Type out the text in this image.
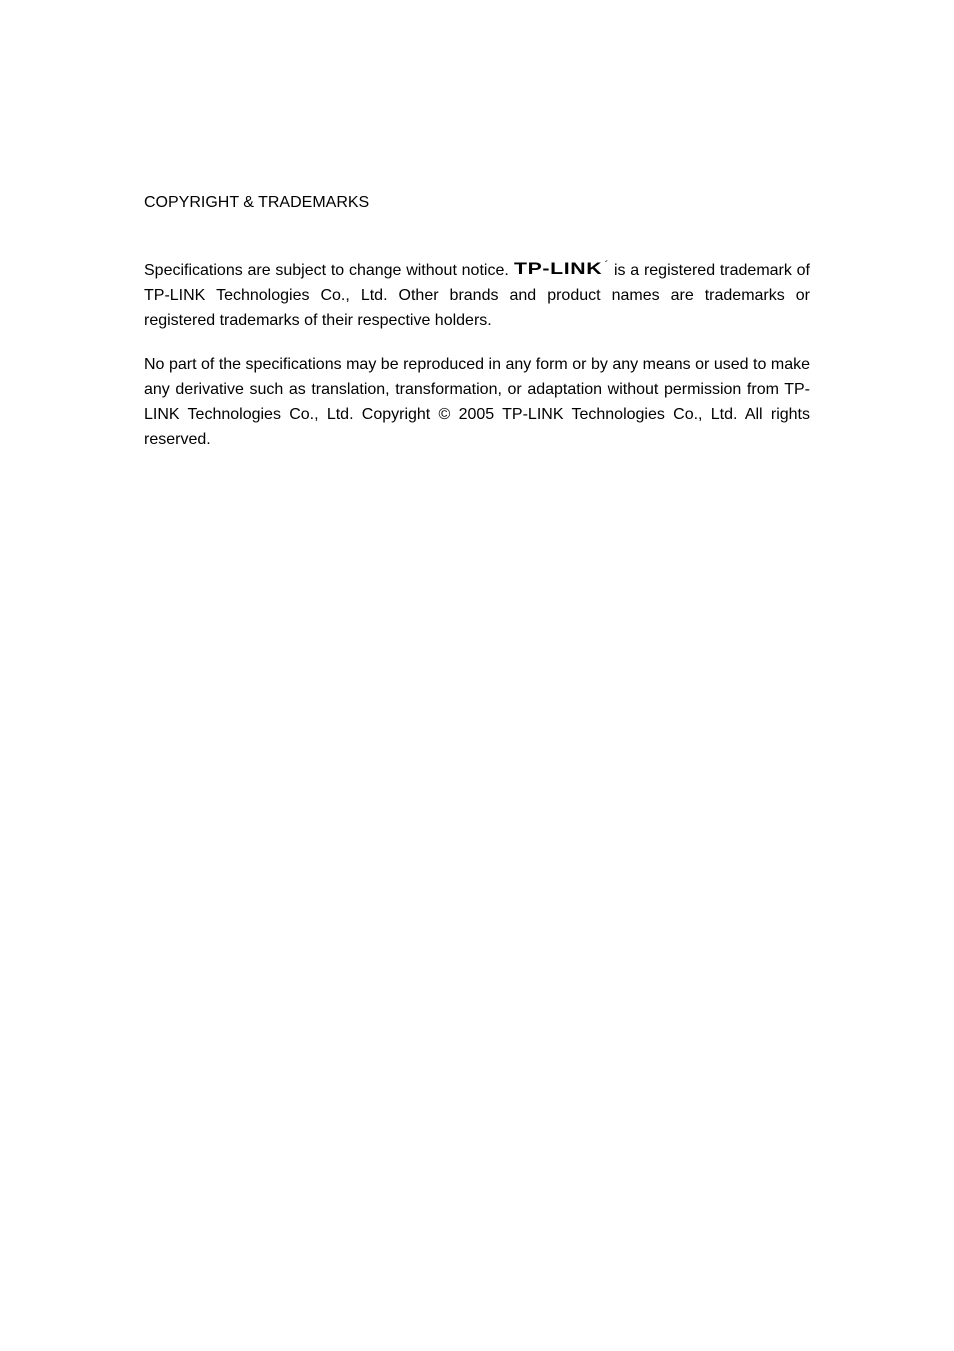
COPYRIGHT & TRADEMARKS

Specifications are subject to change without notice. TP-LINK ´ is a registered trademark of TP-LINK Technologies Co., Ltd. Other brands and product names are trademarks or registered trademarks of their respective holders.

No part of the specifications may be reproduced in any form or by any means or used to make any derivative such as translation, transformation, or adaptation without permission from TP-LINK Technologies Co., Ltd. Copyright © 2005 TP-LINK Technologies Co., Ltd. All rights reserved.
